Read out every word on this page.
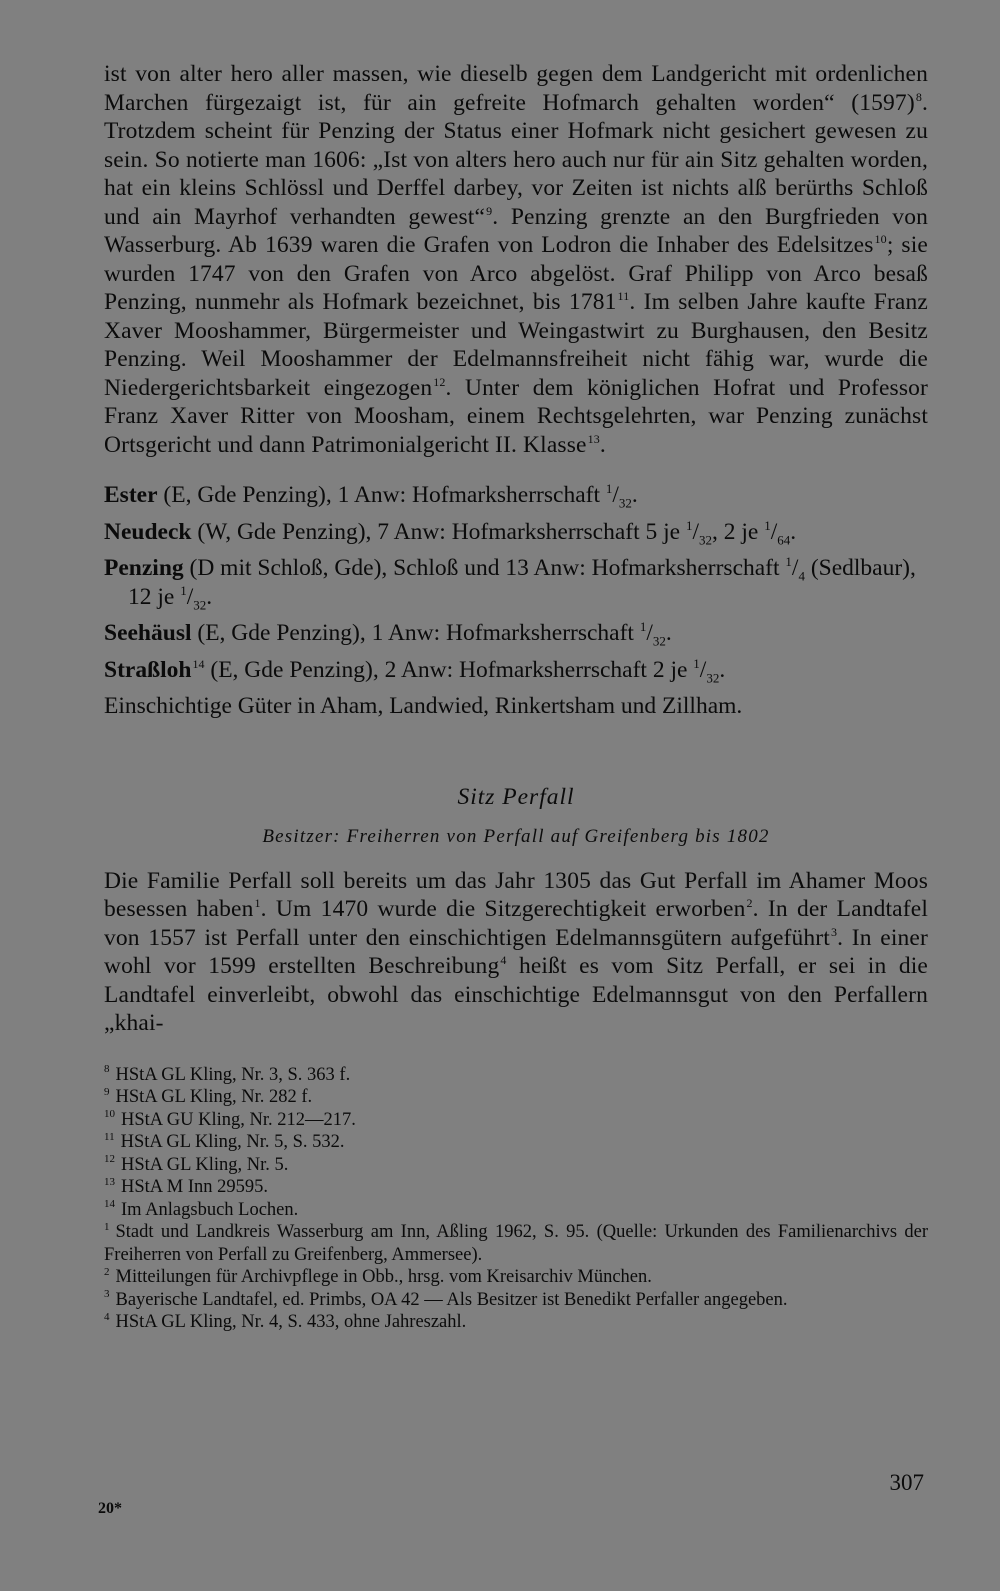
ist von alter hero aller massen, wie dieselb gegen dem Landgericht mit ordenlichen Marchen fürgezaigt ist, für ain gefreite Hofmarch gehalten worden“ (1597)$^8$. Trotzdem scheint für Penzing der Status einer Hofmark nicht gesichert gewesen zu sein. So notierte man 1606: „Ist von alters hero auch nur für ain Sitz gehalten worden, hat ein kleins Schlössl und Derffel darbey, vor Zeiten ist nichts alß berürths Schloß und ain Mayrhof verhandten gewest“$^9$. Penzing grenzte an den Burgfrieden von Wasserburg. Ab 1639 waren die Grafen von Lodron die Inhaber des Edelsitzes$^{10}$; sie wurden 1747 von den Grafen von Arco abgelöst. Graf Philipp von Arco besaß Penzing, nunmehr als Hofmark bezeichnet, bis 1781$^{11}$. Im selben Jahre kaufte Franz Xaver Mooshammer, Bürgermeister und Weingastwirt zu Burghausen, den Besitz Penzing. Weil Mooshammer der Edelmannsfreiheit nicht fähig war, wurde die Niedergerichtsbarkeit eingezogen$^{12}$. Unter dem königlichen Hofrat und Professor Franz Xaver Ritter von Moosham, einem Rechtsgelehrten, war Penzing zunächst Ortsgericht und dann Patrimonialgericht II. Klasse$^{13}$.

Ester (E, Gde Penzing), 1 Anw: Hofmarksherrschaft $^1/_{32}$.

Neudeck (W, Gde Penzing), 7 Anw: Hofmarksherrschaft 5 je $^1/_{32}$, 2 je $^1/_{64}$.

Penzing (D mit Schloß, Gde), Schloß und 13 Anw: Hofmarksherrschaft $^1/_4$ (Sedlbaur), 12 je $^1/_{32}$.

Seehäusl (E, Gde Penzing), 1 Anw: Hofmarksherrschaft $^1/_{32}$.

Straßloh$^{14}$ (E, Gde Penzing), 2 Anw: Hofmarksherrschaft 2 je $^1/_{32}$.

Einschichtige Güter in Aham, Landwied, Rinkertsham und Zillham.

Sitz Perfall
Besitzer: Freiherren von Perfall auf Greifenberg bis 1802

Die Familie Perfall soll bereits um das Jahr 1305 das Gut Perfall im Ahamer Moos besessen haben$^1$. Um 1470 wurde die Sitzgerechtigkeit erworben$^2$. In der Landtafel von 1557 ist Perfall unter den einschichtigen Edelmannsgütern aufgeführt$^3$. In einer wohl vor 1599 erstellten Beschreibung$^4$ heißt es vom Sitz Perfall, er sei in die Landtafel einverleibt, obwohl das einschichtige Edelmannsgut von den Perfallern „khai-

$^8$ HStA GL Kling, Nr. 3, S. 363 f.

$^9$ HStA GL Kling, Nr. 282 f.

$^{10}$ HStA GU Kling, Nr. 212—217.

$^{11}$ HStA GL Kling, Nr. 5, S. 532.

$^{12}$ HStA GL Kling, Nr. 5.

$^{13}$ HStA M Inn 29595.

$^{14}$ Im Anlagsbuch Lochen.

$^1$ Stadt und Landkreis Wasserburg am Inn, Aßling 1962, S. 95. (Quelle: Urkunden des Familienarchivs der Freiherren von Perfall zu Greifenberg, Ammersee).

$^2$ Mitteilungen für Archivpflege in Obb., hrsg. vom Kreisarchiv München.

$^3$ Bayerische Landtafel, ed. Primbs, OA 42 — Als Besitzer ist Benedikt Perfaller angegeben.

$^4$ HStA GL Kling, Nr. 4, S. 433, ohne Jahreszahl.

307
20*
